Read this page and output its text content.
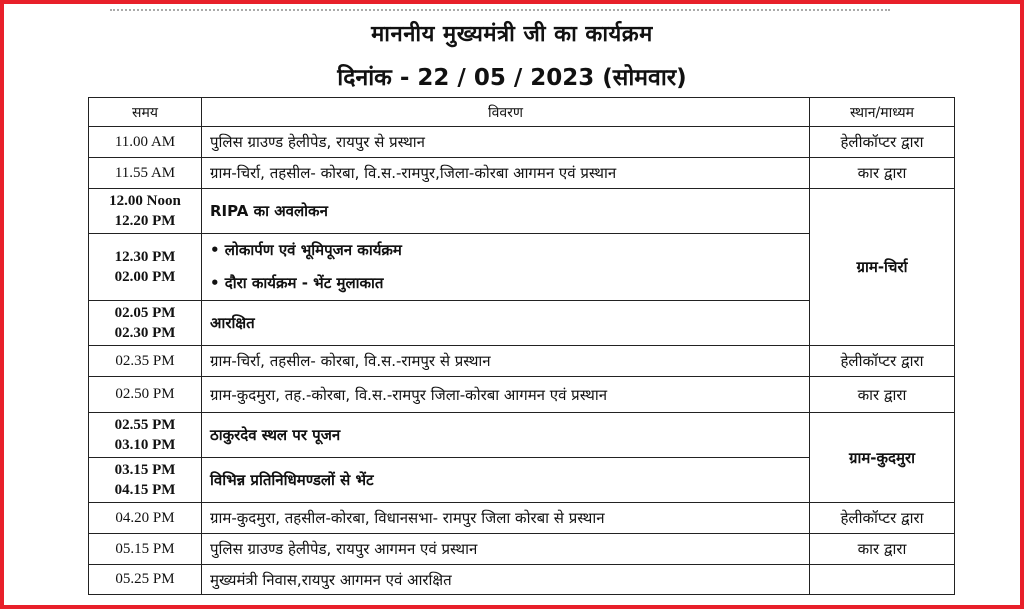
माननीय मुख्यमंत्री जी का कार्यक्रम
दिनांक - 22 / 05 / 2023 (सोमवार)
समय	विवरण	स्थान/माध्यम

11.00 AM	पुलिस ग्राउण्ड हेलीपेड, रायपुर से प्रस्थान	हेलीकॉप्टर द्वारा

11.55 AM	ग्राम-चिर्रा, तहसील- कोरबा, वि.स.-रामपुर,जिला-कोरबा आगमन एवं प्रस्थान	कार द्वारा

12.00 Noon
12.20 PM	RIPA का अवलोकन	ग्राम-चिर्रा

12.30 PM
02.00 PM	• लोकार्पण एवं भूमिपूजन कार्यक्रम
• दौरा कार्यक्रम - भेंट मुलाकात	

02.05 PM
02.30 PM	आरक्षित	

02.35 PM	ग्राम-चिर्रा, तहसील- कोरबा, वि.स.-रामपुर से प्रस्थान	हेलीकॉप्टर द्वारा

02.50 PM	ग्राम-कुदमुरा, तह.-कोरबा, वि.स.-रामपुर जिला-कोरबा आगमन एवं प्रस्थान	कार द्वारा

02.55 PM
03.10 PM	ठाकुरदेव स्थल पर पूजन	ग्राम-कुदमुरा

03.15 PM
04.15 PM	विभिन्न प्रतिनिधिमण्डलों से भेंट	

04.20 PM	ग्राम-कुदमुरा, तहसील-कोरबा, विधानसभा- रामपुर जिला कोरबा से प्रस्थान	हेलीकॉप्टर द्वारा

05.15 PM	पुलिस ग्राउण्ड हेलीपेड, रायपुर आगमन एवं प्रस्थान	कार द्वारा

05.25 PM	मुख्यमंत्री निवास,रायपुर आगमन एवं आरक्षित	
